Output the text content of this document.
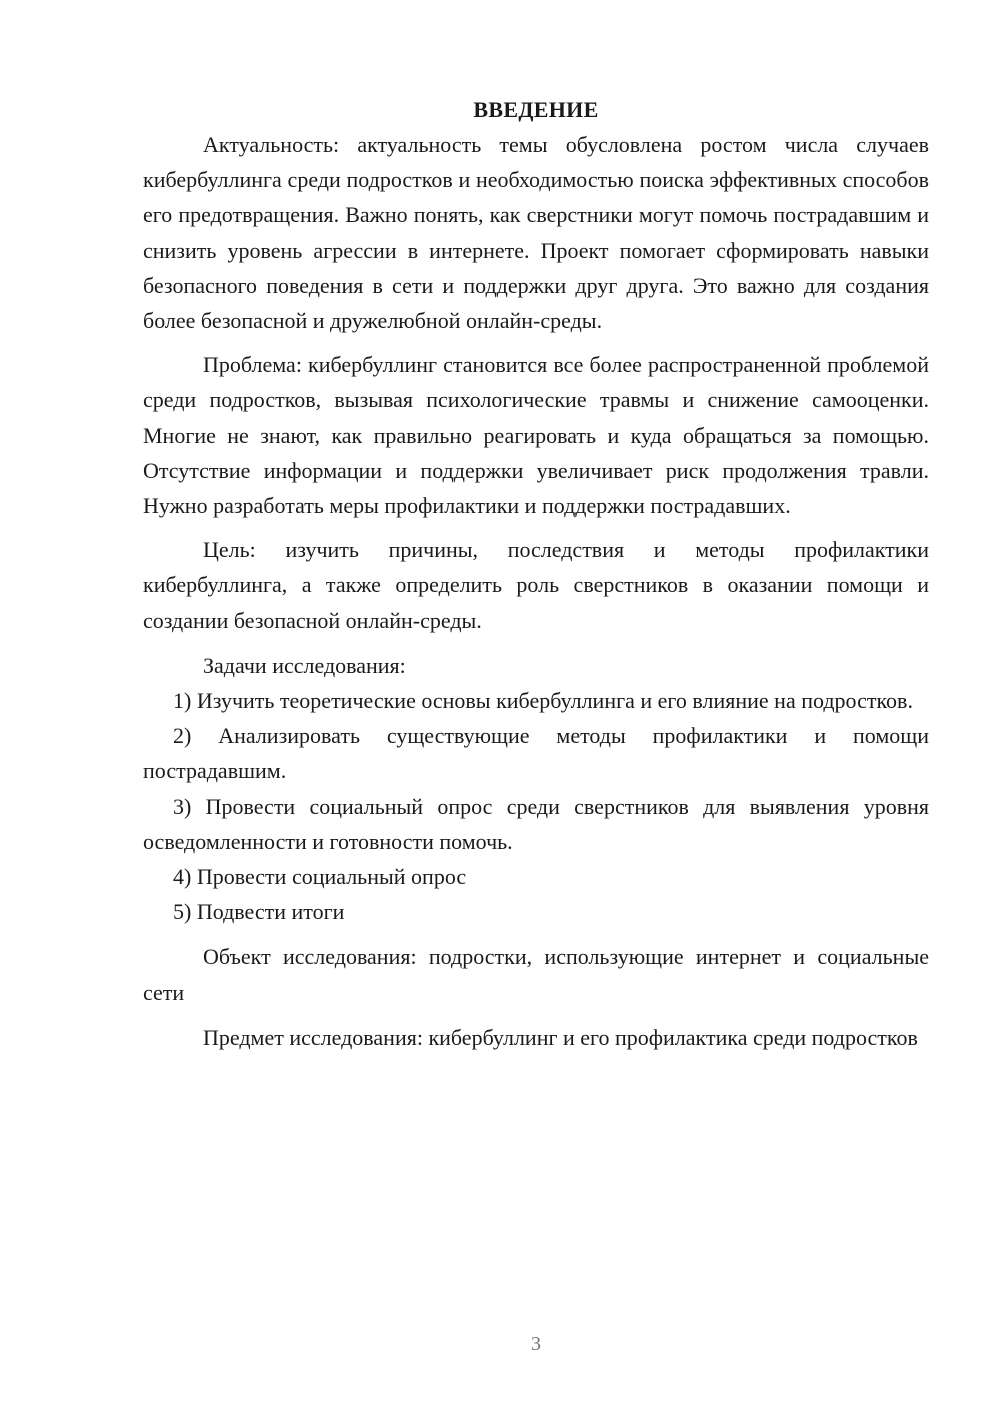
ВВЕДЕНИЕ

Актуальность: актуальность темы обусловлена ростом числа случаев кибербуллинга среди подростков и необходимостью поиска эффективных способов его предотвращения. Важно понять, как сверстники могут помочь пострадавшим и снизить уровень агрессии в интернете. Проект помогает сформировать навыки безопасного поведения в сети и поддержки друг друга. Это важно для создания более безопасной и дружелюбной онлайн-среды.

Проблема: кибербуллинг становится все более распространенной проблемой среди подростков, вызывая психологические травмы и снижение самооценки. Многие не знают, как правильно реагировать и куда обращаться за помощью. Отсутствие информации и поддержки увеличивает риск продолжения травли. Нужно разработать меры профилактики и поддержки пострадавших.

Цель: изучить причины, последствия и методы профилактики кибербуллинга, а также определить роль сверстников в оказании помощи и создании безопасной онлайн-среды.

Задачи исследования:

1) Изучить теоретические основы кибербуллинга и его влияние на подростков.

2) Анализировать существующие методы профилактики и помощи пострадавшим.

3) Провести социальный опрос среди сверстников для выявления уровня осведомленности и готовности помочь.

4) Провести социальный опрос

5) Подвести итоги

Объект исследования: подростки, использующие интернет и социальные сети

Предмет исследования: кибербуллинг и его профилактика среди подростков

3
